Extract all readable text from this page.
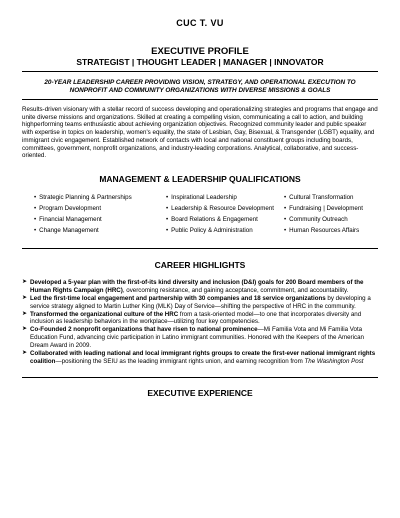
CUC T. VU
EXECUTIVE PROFILE
STRATEGIST | THOUGHT LEADER | MANAGER | INNOVATOR
20-YEAR LEADERSHIP CAREER PROVIDING VISION, STRATEGY, AND OPERATIONAL EXECUTION TO
NONPROFIT AND COMMUNITY ORGANIZATIONS WITH DIVERSE MISSIONS & GOALS
Results-driven visionary with a stellar record of success developing and operationalizing strategies and programs that engage and unite diverse missions and organizations. Skilled at creating a compelling vision, communicating a call to action, and building highperforming teams enthusiastic about achieving organization objectives. Recognized community leader and public speaker with expertise in topics on leadership, women's equality, the state of Lesbian, Gay, Bisexual, & Transgender (LGBT) equality, and immigrant civic engagement. Established network of contacts with local and national constituent groups including boards, committees, government, nonprofit organizations, and industry-leading corporations. Analytical, collaborative, and success-oriented.
MANAGEMENT & LEADERSHIP QUALIFICATIONS
• Strategic Planning & Partnerships	• Inspirational Leadership	• Cultural Transformation
• Program Development	• Leadership & Resource Development	• Fundraising | Development
• Financial Management	• Board Relations & Engagement	• Community Outreach
• Change Management	• Public Policy & Administration	• Human Resources Affairs
CAREER HIGHLIGHTS
➤ Developed a 5-year plan with the first-of-its kind diversity and inclusion (D&I) goals for 200 Board members of the Human Rights Campaign (HRC), overcoming resistance, and gaining acceptance, commitment, and accountability.
➤ Led the first-time local engagement and partnership with 30 companies and 18 service organizations by developing a service strategy aligned to Martin Luther King (MLK) Day of Service—shifting the perspective of HRC in the community.
➤ Transformed the organizational culture of the HRC from a task-oriented model—to one that incorporates diversity and inclusion as leadership behaviors in the workplace—utilizing four key competencies.
➤ Co-Founded 2 nonprofit organizations that have risen to national prominence—Mi Familia Vota and Mi Familia Vota Education Fund, advancing civic participation in Latino immigrant communities. Honored with the Keepers of the American Dream Award in 2009.
➤ Collaborated with leading national and local immigrant rights groups to create the first-ever national immigrant rights coalition—positioning the SEIU as the leading immigrant rights union, and earning recognition from The Washington Post
EXECUTIVE EXPERIENCE
